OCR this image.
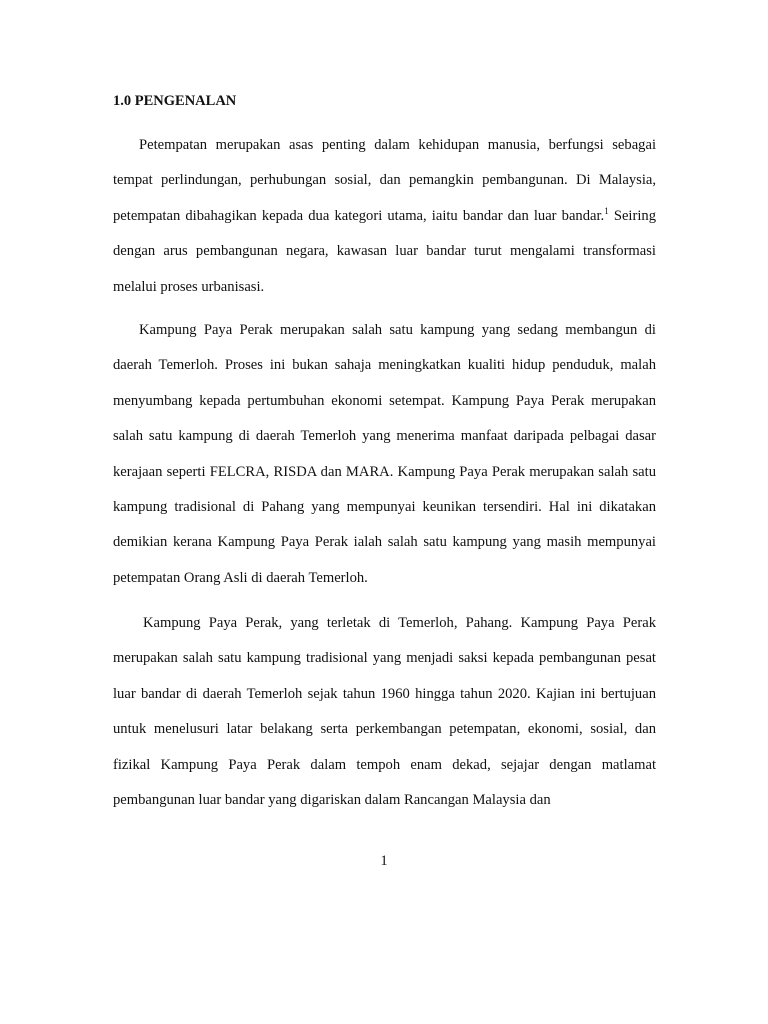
1.0 PENGENALAN

Petempatan merupakan asas penting dalam kehidupan manusia, berfungsi sebagai tempat perlindungan, perhubungan sosial, dan pemangkin pembangunan. Di Malaysia, petempatan dibahagikan kepada dua kategori utama, iaitu bandar dan luar bandar.$^1$ Seiring dengan arus pembangunan negara, kawasan luar bandar turut mengalami transformasi melalui proses urbanisasi.

Kampung Paya Perak merupakan salah satu kampung yang sedang membangun di daerah Temerloh. Proses ini bukan sahaja meningkatkan kualiti hidup penduduk, malah menyumbang kepada pertumbuhan ekonomi setempat. Kampung Paya Perak merupakan salah satu kampung di daerah Temerloh yang menerima manfaat daripada pelbagai dasar kerajaan seperti FELCRA, RISDA dan MARA. Kampung Paya Perak merupakan salah satu kampung tradisional di Pahang yang mempunyai keunikan tersendiri. Hal ini dikatakan demikian kerana Kampung Paya Perak ialah salah satu kampung yang masih mempunyai petempatan Orang Asli di daerah Temerloh.

Kampung Paya Perak, yang terletak di Temerloh, Pahang. Kampung Paya Perak merupakan salah satu kampung tradisional yang menjadi saksi kepada pembangunan pesat luar bandar di daerah Temerloh sejak tahun 1960 hingga tahun 2020. Kajian ini bertujuan untuk menelusuri latar belakang serta perkembangan petempatan, ekonomi, sosial, dan fizikal Kampung Paya Perak dalam tempoh enam dekad, sejajar dengan matlamat pembangunan luar bandar yang digariskan dalam Rancangan Malaysia dan

1
